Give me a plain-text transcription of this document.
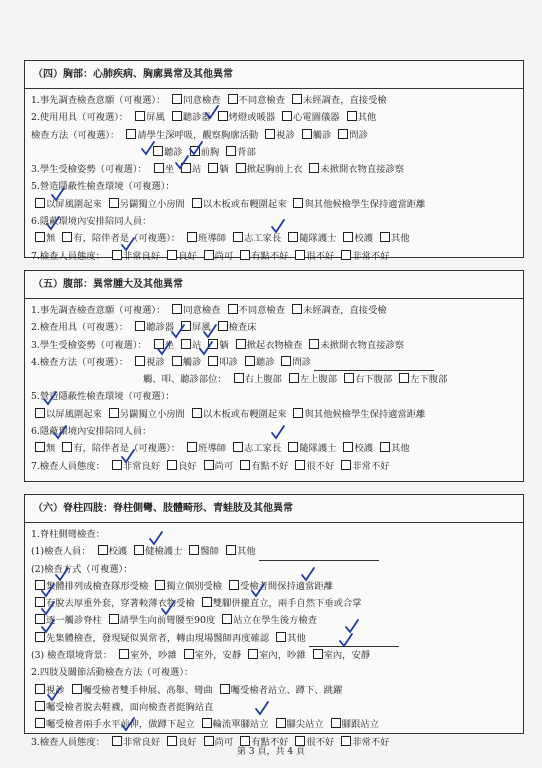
（四）胸部：心肺疾病、胸廓異常及其他異常
1.事先調查檢查意願（可複選）： 同意檢查 不同意檢查 未經調查，直接受檢
2.使用用具（可複選）： 屏風 聽診器 烤燈或暖器 心電圖儀器 其他
檢查方法（可複選）： 請學生深呼吸，觀察胸廓活動 視診 觸診 問診
聽診 前胸 背部
3.學生受檢姿勢（可複選）： 坐 站 躺 掀起胸前上衣 未掀開衣物直接診察
5.營造隱蔽性檢查環境（可複選）：
以屏風圍起來 另闢獨立小房間 以木板或布幔圍起來 與其他候檢學生保持適當距離
6.隱蔽環境內安排陪同人員：
無 有，陪伴者是（可複選）： 班導師 志工家長 隨隊護士 校護 其他
7.檢查人員態度： 非常良好 良好 尚可 有點不好 很不好 非常不好
（五）腹部：異常腫大及其他異常
1.事先調查檢查意願（可複選）： 同意檢查 不同意檢查 未經調查，直接受檢
2.檢查用具（可複選）： 聽診器 屏風 檢查床
3.學生受檢姿勢（可複選）： 坐 站 躺 掀起衣物檢查 未掀開衣物直接診察
4.檢查方法（可複選）： 視診 觸診 叩診 聽診 問診
觸、叩、聽診部位： 右上腹部 左上腹部 右下腹部 左下腹部
5.營造隱蔽性檢查環境（可複選）：
以屏風圍起來 另闢獨立小房間 以木板或布幔圍起來 與其他候檢學生保持適當距離
6.隱蔽環境內安排陪同人員：
無 有，陪伴者是（可複選）： 班導師 志工家長 隨隊護士 校護 其他
7.檢查人員態度： 非常良好 良好 尚可 有點不好 很不好 非常不好
（六）脊柱四肢：脊柱側彎、肢體畸形、青蛙肢及其他異常
1.脊柱側彎檢查：
(1)檢查人員： 校護 健檢護士 醫師 其他
(2)檢查方式（可複選）：
集體排列成檢查隊形受檢 獨立個別受檢 受檢者間保持適當距離
有脫去厚重外套，穿著較薄衣物受檢 雙腳併攏直立，兩手自然下垂或合掌
逐一觸診脊柱 請學生向前彎腰至90度 站立在學生後方檢查
先集體檢查，發現疑似異常者，轉由現場醫師再度確認 其他
(3) 檢查環境背景： 室外，吵雜 室外，安靜 室內，吵雜 室內，安靜
2.四肢及關節活動檢查方法（可複選）：
視診 囑受檢者雙手伸展、高舉、彎曲 囑受檢者站立、蹲下、跳躍
囑受檢者脫去鞋襪，面向檢查者挺胸站直
囑受檢者兩手水平前伸，做蹲下起立 輪流單腳站立 腳尖站立 腳跟站立
3.檢查人員態度： 非常良好 良好 尚可 有點不好 很不好 非常不好
第 3 頁，共 4 頁
